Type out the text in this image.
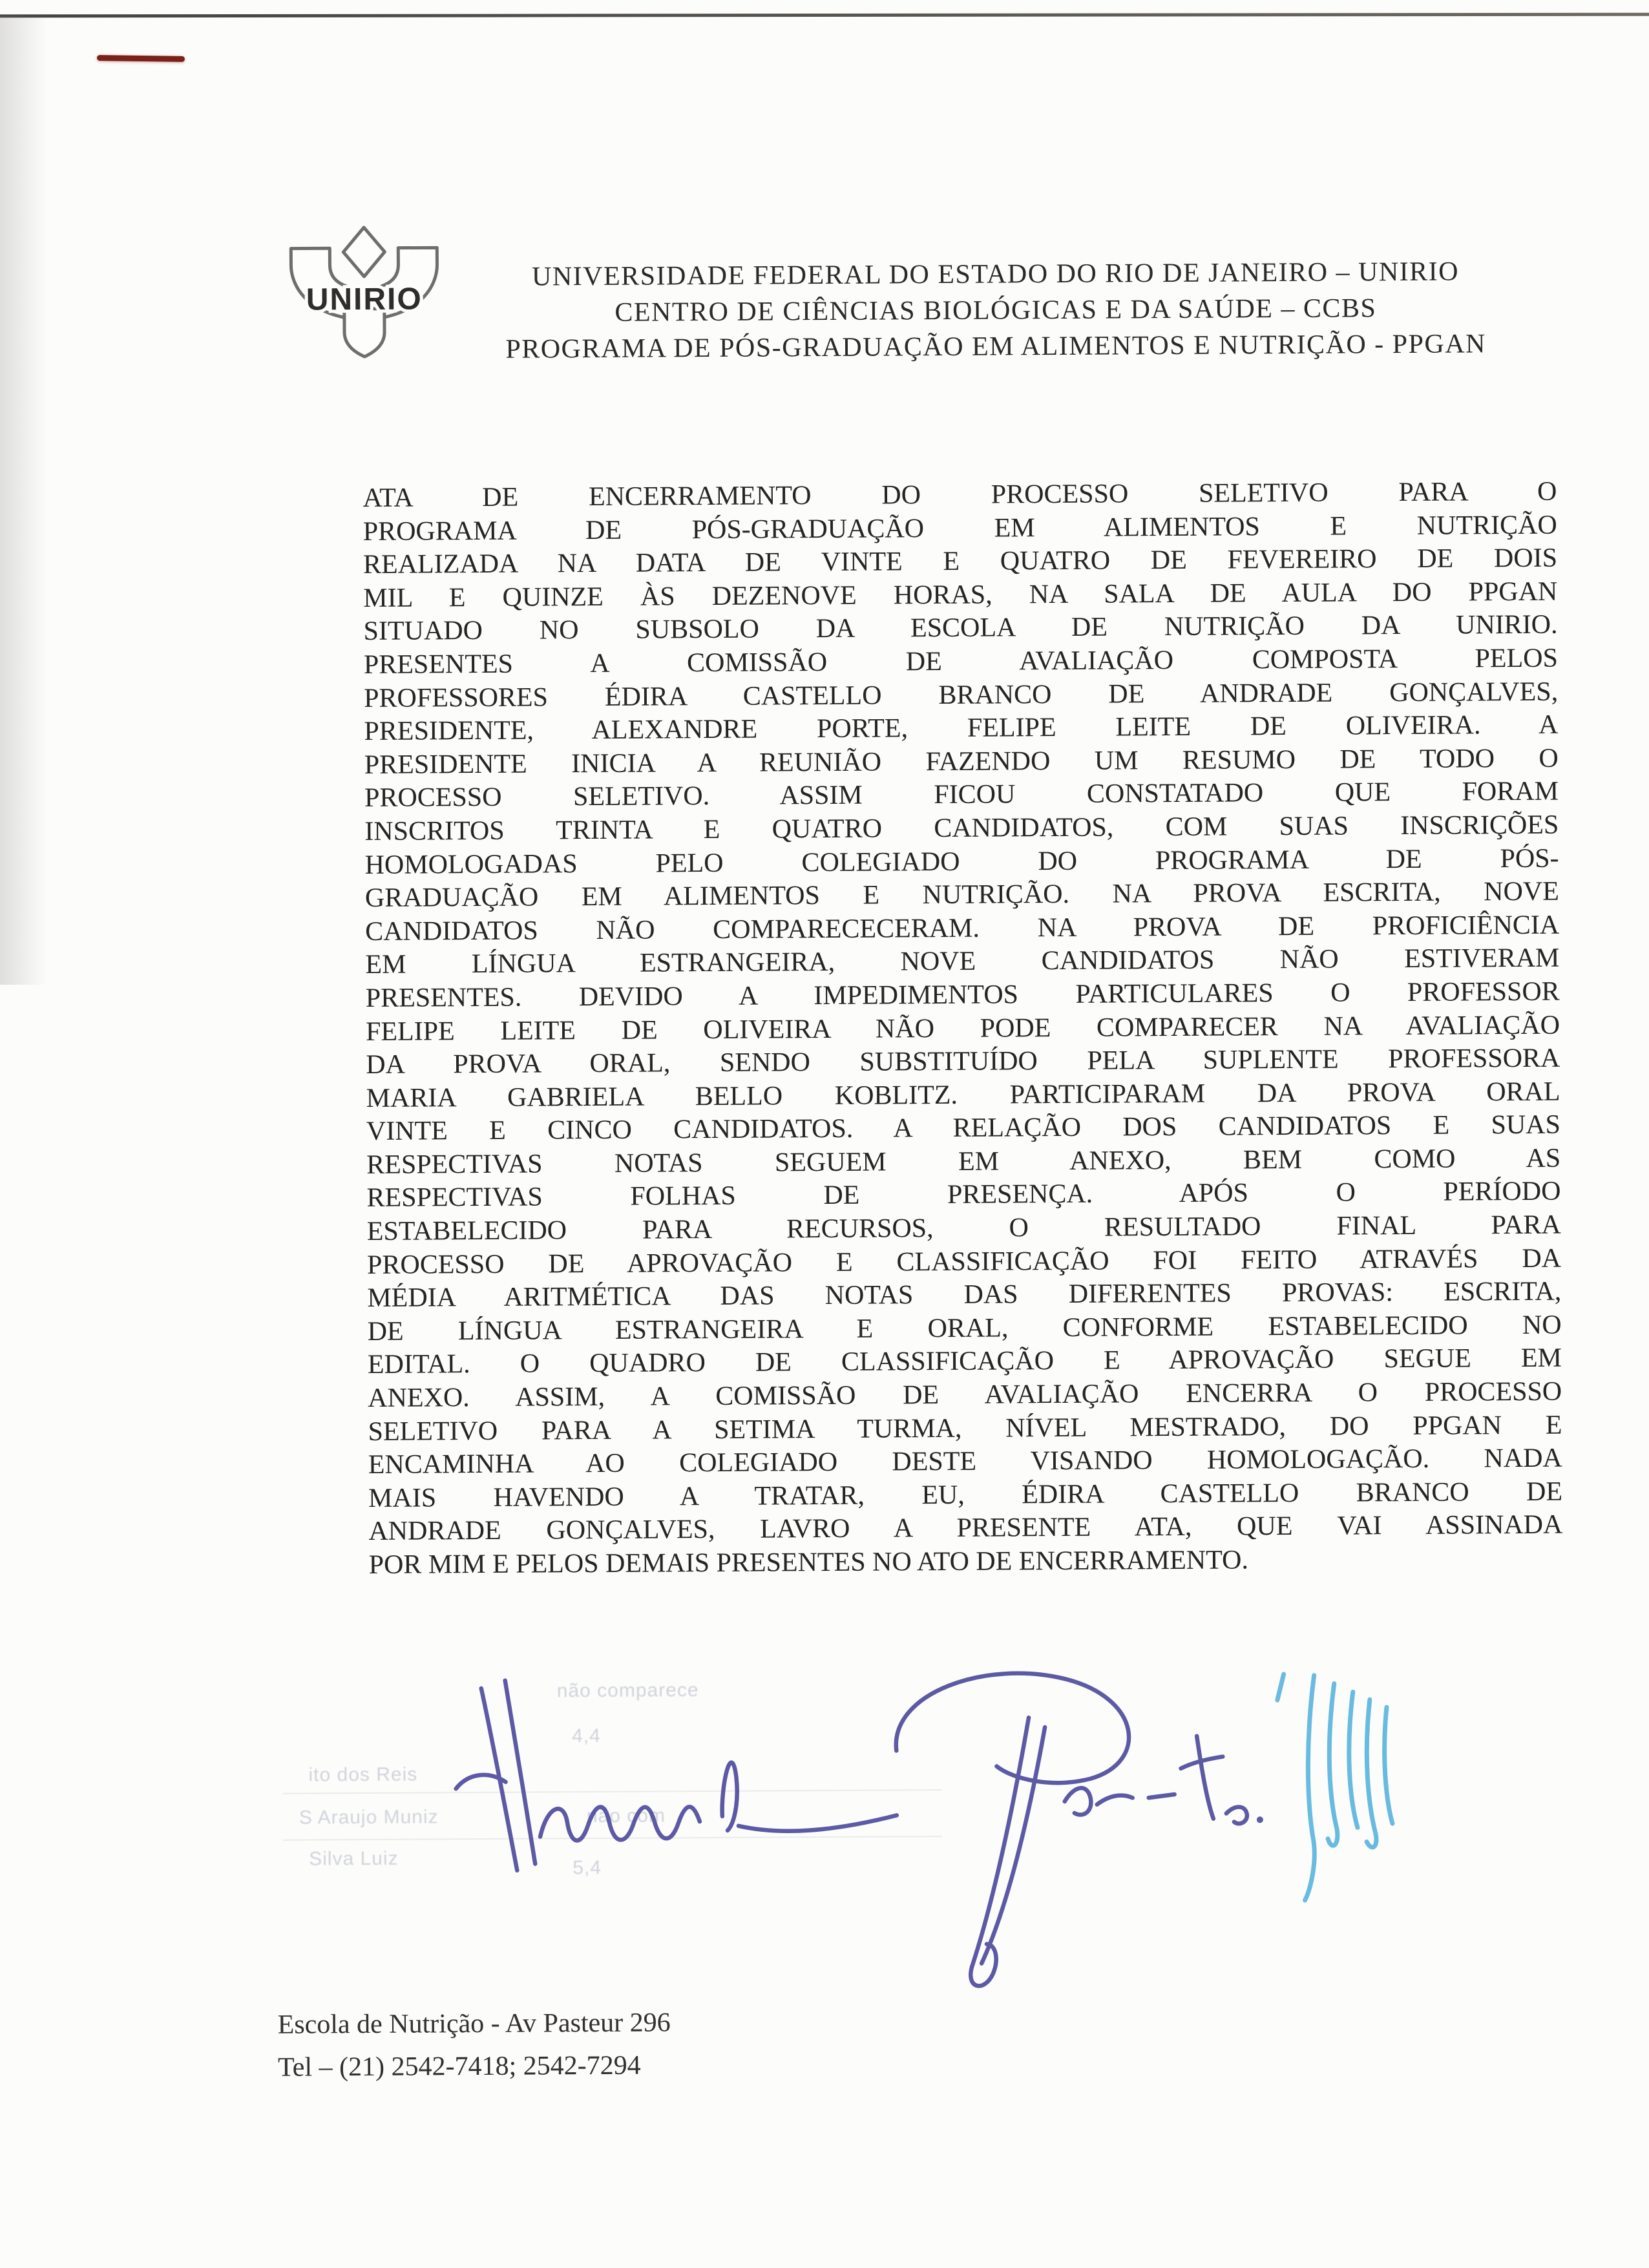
UNIRIO
UNIVERSIDADE FEDERAL DO ESTADO DO RIO DE JANEIRO – UNIRIO
CENTRO DE CIÊNCIAS BIOLÓGICAS E DA SAÚDE – CCBS
PROGRAMA DE PÓS-GRADUAÇÃO EM ALIMENTOS E NUTRIÇÃO - PPGAN
ATA DE ENCERRAMENTO DO PROCESSO SELETIVO PARA O
PROGRAMA DE PÓS-GRADUAÇÃO EM ALIMENTOS E NUTRIÇÃO
REALIZADA NA DATA DE VINTE E QUATRO DE FEVEREIRO DE DOIS
MIL E QUINZE ÀS DEZENOVE HORAS, NA SALA DE AULA DO PPGAN
SITUADO NO SUBSOLO DA ESCOLA DE NUTRIÇÃO DA UNIRIO.
PRESENTES A COMISSÃO DE AVALIAÇÃO COMPOSTA PELOS
PROFESSORES ÉDIRA CASTELLO BRANCO DE ANDRADE GONÇALVES,
PRESIDENTE, ALEXANDRE PORTE, FELIPE LEITE DE OLIVEIRA. A
PRESIDENTE INICIA A REUNIÃO FAZENDO UM RESUMO DE TODO O
PROCESSO SELETIVO. ASSIM FICOU CONSTATADO QUE FORAM
INSCRITOS TRINTA E QUATRO CANDIDATOS, COM SUAS INSCRIÇÕES
HOMOLOGADAS PELO COLEGIADO DO PROGRAMA DE PÓS-
GRADUAÇÃO EM ALIMENTOS E NUTRIÇÃO. NA PROVA ESCRITA, NOVE
CANDIDATOS NÃO COMPARECECERAM. NA PROVA DE PROFICIÊNCIA
EM LÍNGUA ESTRANGEIRA, NOVE CANDIDATOS NÃO ESTIVERAM
PRESENTES. DEVIDO A IMPEDIMENTOS PARTICULARES O PROFESSOR
FELIPE LEITE DE OLIVEIRA NÃO PODE COMPARECER NA AVALIAÇÃO
DA PROVA ORAL, SENDO SUBSTITUÍDO PELA SUPLENTE PROFESSORA
MARIA GABRIELA BELLO KOBLITZ. PARTICIPARAM DA PROVA ORAL
VINTE E CINCO CANDIDATOS. A RELAÇÃO DOS CANDIDATOS E SUAS
RESPECTIVAS NOTAS SEGUEM EM ANEXO, BEM COMO AS
RESPECTIVAS FOLHAS DE PRESENÇA. APÓS O PERÍODO
ESTABELECIDO PARA RECURSOS, O RESULTADO FINAL PARA
PROCESSO DE APROVAÇÃO E CLASSIFICAÇÃO FOI FEITO ATRAVÉS DA
MÉDIA ARITMÉTICA DAS NOTAS DAS DIFERENTES PROVAS: ESCRITA,
DE LÍNGUA ESTRANGEIRA E ORAL, CONFORME ESTABELECIDO NO
EDITAL. O QUADRO DE CLASSIFICAÇÃO E APROVAÇÃO SEGUE EM
ANEXO. ASSIM, A COMISSÃO DE AVALIAÇÃO ENCERRA O PROCESSO
SELETIVO PARA A SETIMA TURMA, NÍVEL MESTRADO, DO PPGAN E
ENCAMINHA AO COLEGIADO DESTE VISANDO HOMOLOGAÇÃO. NADA
MAIS HAVENDO A TRATAR, EU, ÉDIRA CASTELLO BRANCO DE
ANDRADE GONÇALVES, LAVRO A PRESENTE ATA, QUE VAI ASSINADA
POR MIM E PELOS DEMAIS PRESENTES NO ATO DE ENCERRAMENTO.
não comparece
4,4
ito dos Reis
S Araujo Muniz	não com
Silva Luiz	5,4
Escola de Nutrição - Av Pasteur 296
Tel – (21) 2542-7418; 2542-7294
